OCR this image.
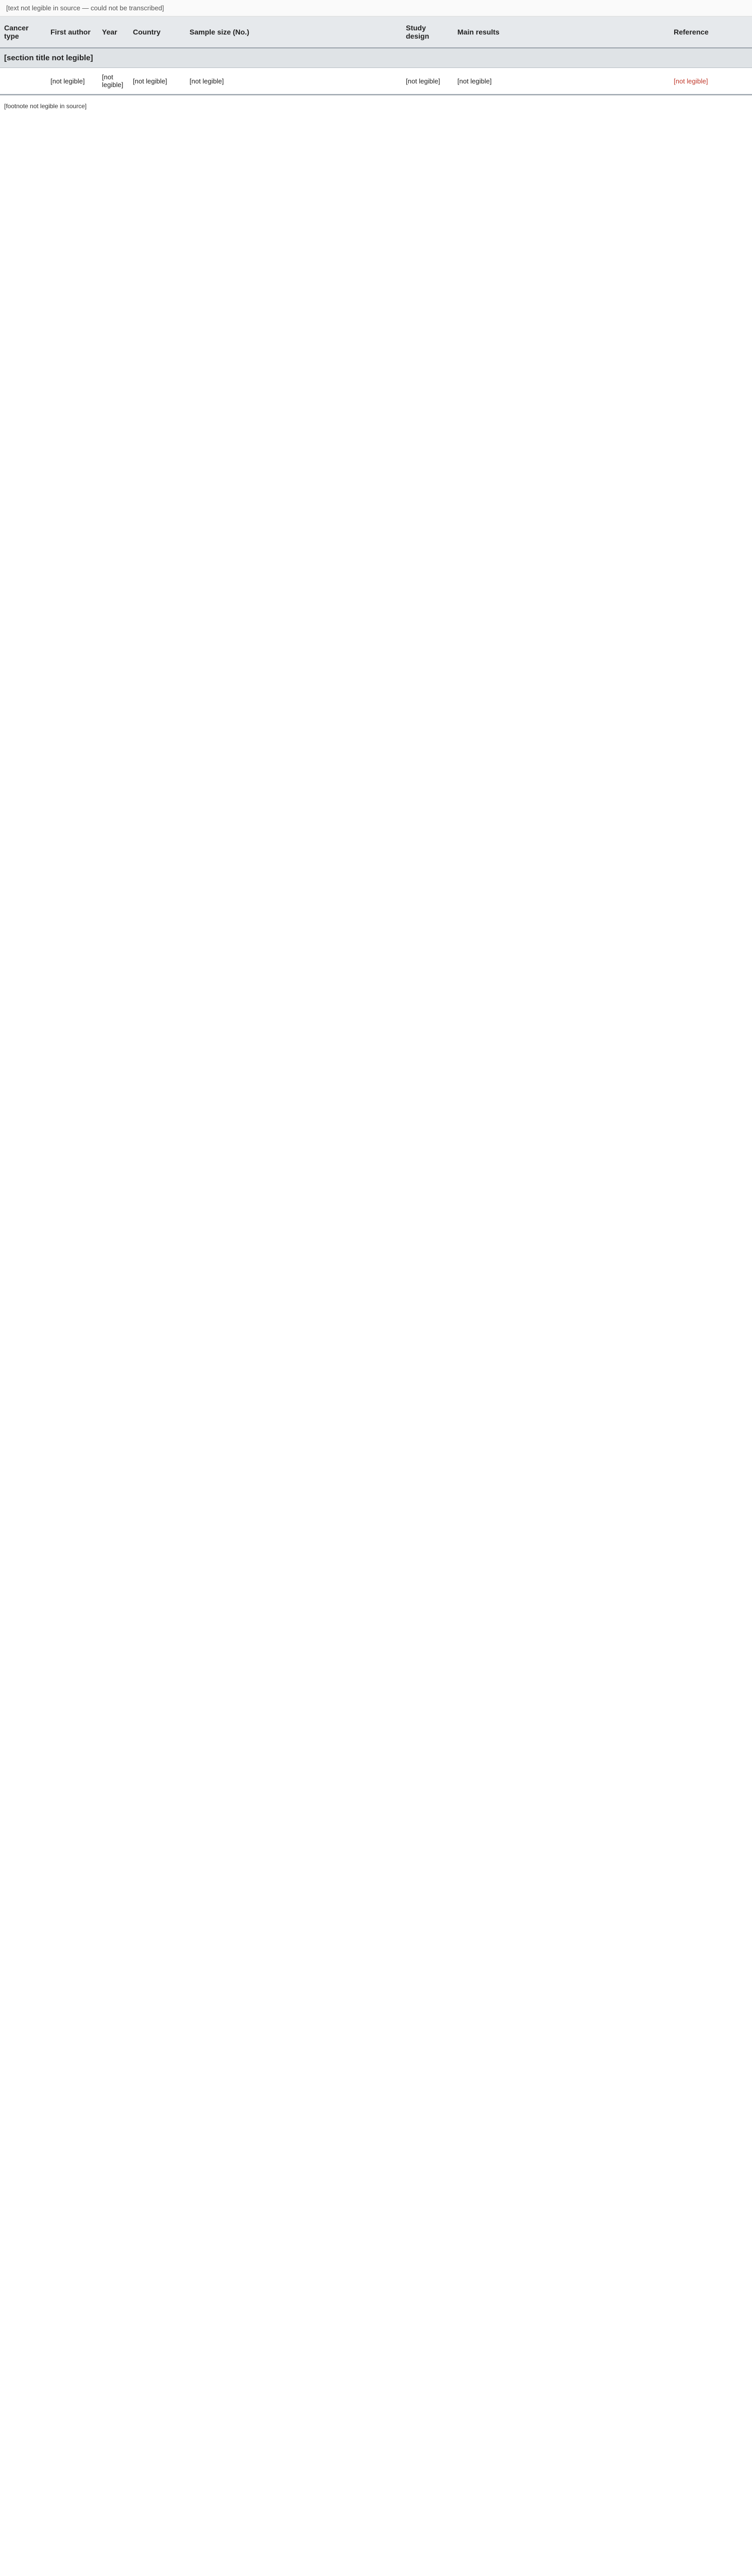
[text not legible in source — could not be transcribed]
Cancer type	First author	Year	Country	Sample size (No.)	Study design	Main results	Reference
[section title not legible]							
	[not legible]	[not legible]	[not legible]	[not legible]	[not legible]	[not legible]	[not legible]
[footnote not legible in source]
